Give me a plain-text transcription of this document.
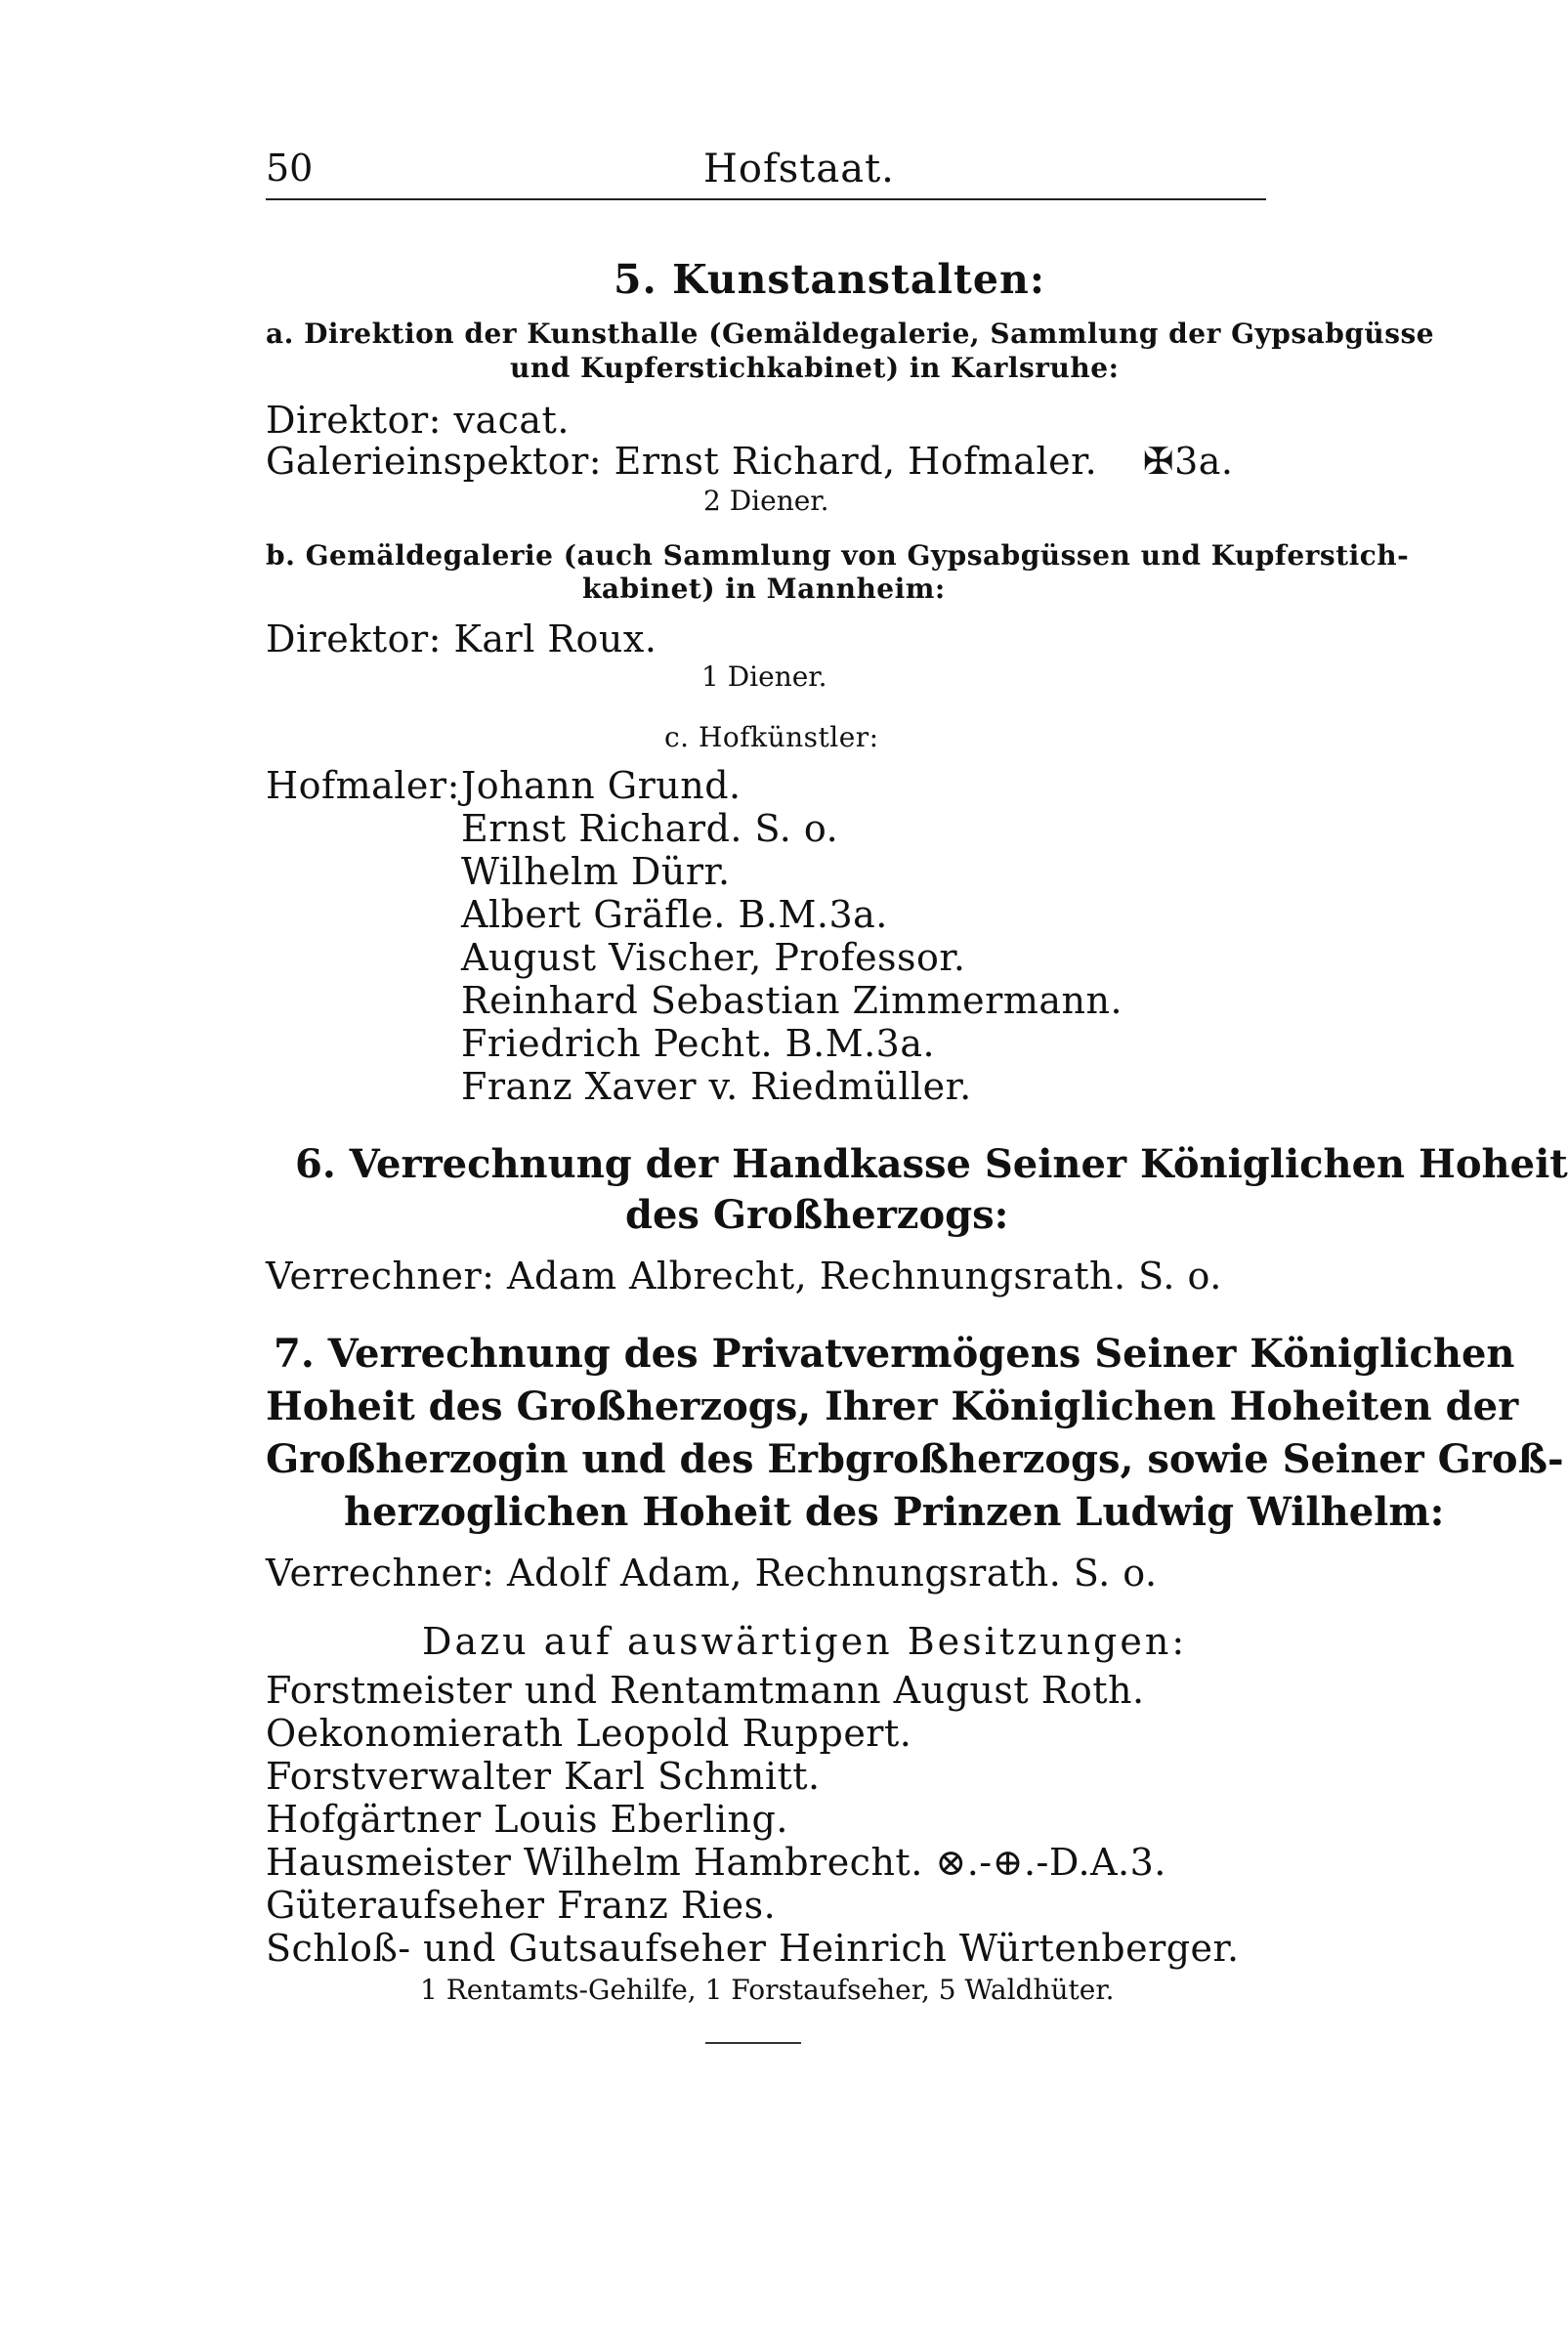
50	Hofstaat.
5. Kunstanstalten:
a. Direktion der Kunsthalle (Gemäldegalerie, Sammlung der Gypsabgüsse
und Kupferstichkabinet) in Karlsruhe:
Direktor: vacat.
Galerieinspektor: Ernst Richard, Hofmaler. ✠3a.
2 Diener.
b. Gemäldegalerie (auch Sammlung von Gypsabgüssen und Kupferstich-
kabinet) in Mannheim:
Direktor: Karl Roux.
1 Diener.
c. Hofkünstler:
Hofmaler: Johann Grund.
Ernst Richard. S. o.
Wilhelm Dürr.
Albert Gräfle. B.M.3a.
August Vischer, Professor.
Reinhard Sebastian Zimmermann.
Friedrich Pecht. B.M.3a.
Franz Xaver v. Riedmüller.
6. Verrechnung der Handkasse Seiner Königlichen Hoheit
des Großherzogs:
Verrechner: Adam Albrecht, Rechnungsrath. S. o.
7. Verrechnung des Privatvermögens Seiner Königlichen
Hoheit des Großherzogs, Ihrer Königlichen Hoheiten der
Großherzogin und des Erbgroßherzogs, sowie Seiner Groß-
herzoglichen Hoheit des Prinzen Ludwig Wilhelm:
Verrechner: Adolf Adam, Rechnungsrath. S. o.
Dazu auf auswärtigen Besitzungen:
Forstmeister und Rentamtmann August Roth.
Oekonomierath Leopold Ruppert.
Forstverwalter Karl Schmitt.
Hofgärtner Louis Eberling.
Hausmeister Wilhelm Hambrecht. ⊗.-⊕.-D.A.3.
Güteraufseher Franz Ries.
Schloß- und Gutsaufseher Heinrich Würtenberger.
1 Rentamts-Gehilfe, 1 Forstaufseher, 5 Waldhüter.
